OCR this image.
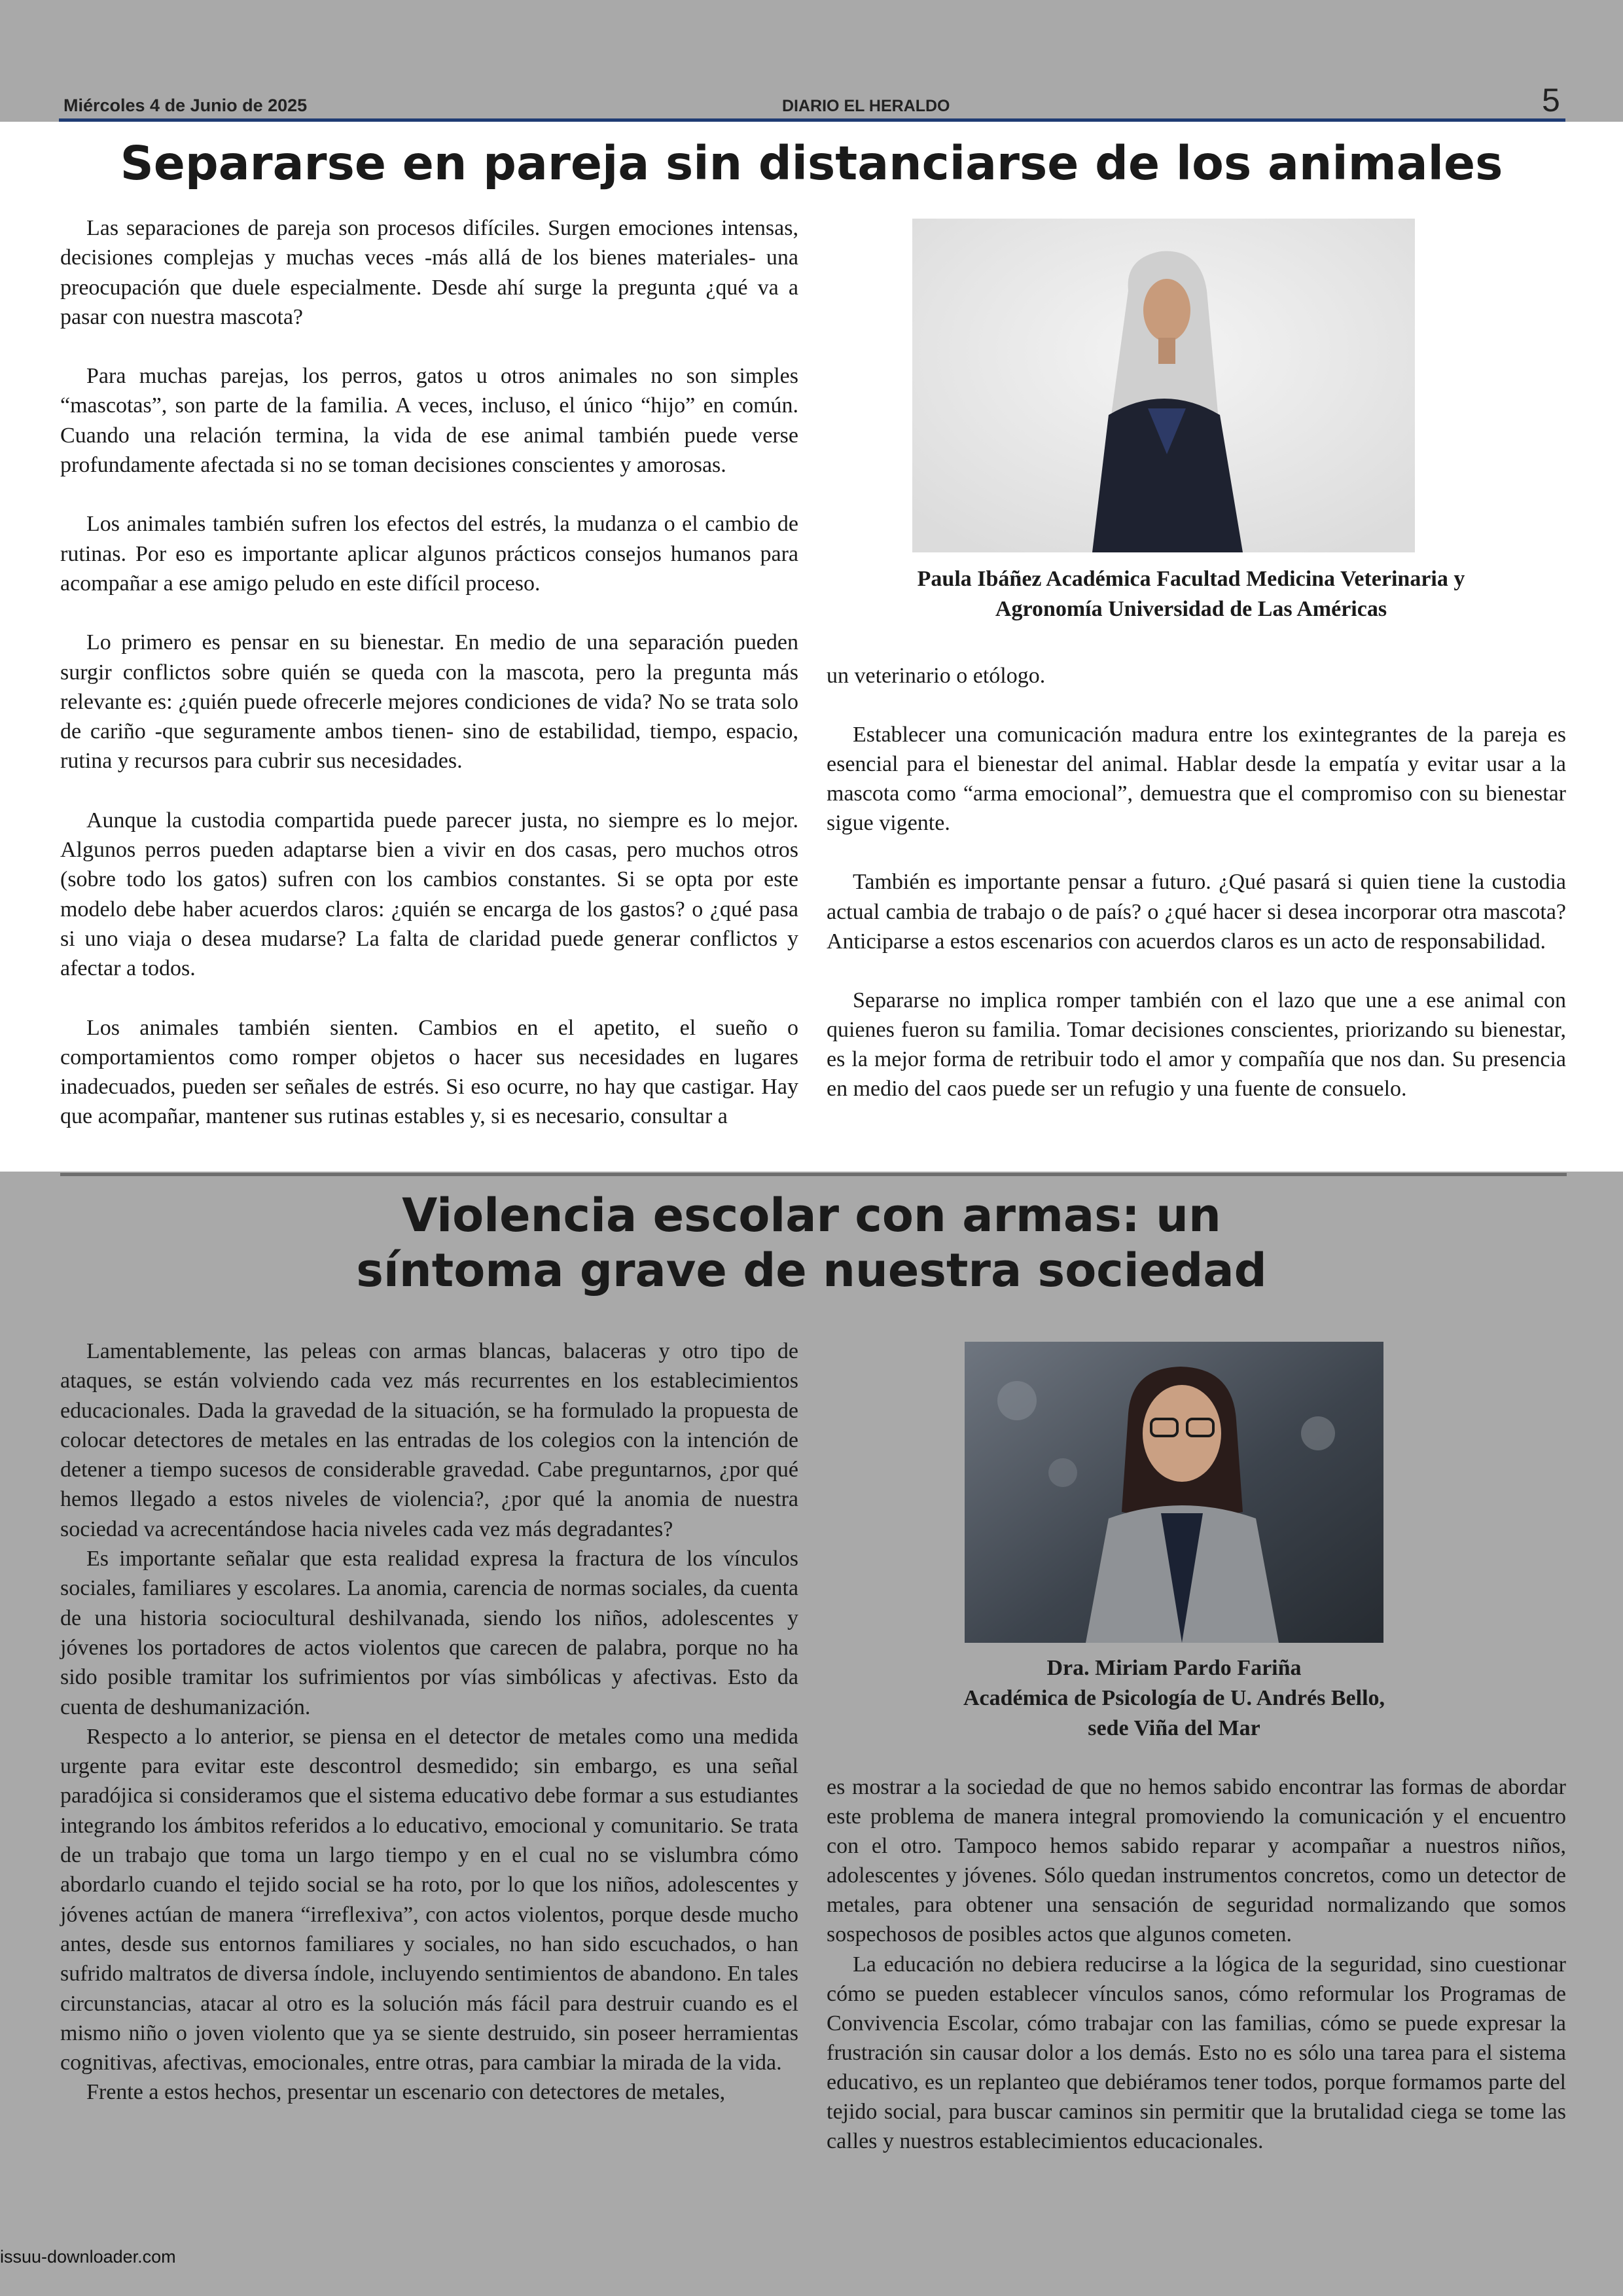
Miércoles 4 de Junio de 2025	DIARIO EL HERALDO	5
Separarse en pareja sin distanciarse de los animales

Las separaciones de pareja son procesos difíciles. Surgen emociones intensas, decisiones complejas y muchas veces -más allá de los bienes materiales- una preocupación que duele especialmente. Desde ahí surge la pregunta ¿qué va a pasar con nuestra mascota?

Para muchas parejas, los perros, gatos u otros animales no son simples “mascotas”, son parte de la familia. A veces, incluso, el único “hijo” en común. Cuando una relación termina, la vida de ese animal también puede verse profundamente afectada si no se toman decisiones conscientes y amorosas.

Los animales también sufren los efectos del estrés, la mudanza o el cambio de rutinas. Por eso es importante aplicar algunos prácticos consejos humanos para acompañar a ese amigo peludo en este difícil proceso.

Lo primero es pensar en su bienestar. En medio de una separación pueden surgir conflictos sobre quién se queda con la mascota, pero la pregunta más relevante es: ¿quién puede ofrecerle mejores condiciones de vida? No se trata solo de cariño -que seguramente ambos tienen- sino de estabilidad, tiempo, espacio, rutina y recursos para cubrir sus necesidades.

Aunque la custodia compartida puede parecer justa, no siempre es lo mejor. Algunos perros pueden adaptarse bien a vivir en dos casas, pero muchos otros (sobre todo los gatos) sufren con los cambios constantes. Si se opta por este modelo debe haber acuerdos claros: ¿quién se encarga de los gastos? o ¿qué pasa si uno viaja o desea mudarse? La falta de claridad puede generar conflictos y afectar a todos.

Los animales también sienten. Cambios en el apetito, el sueño o comportamientos como romper objetos o hacer sus necesidades en lugares inadecuados, pueden ser señales de estrés. Si eso ocurre, no hay que castigar. Hay que acompañar, mantener sus rutinas estables y, si es necesario, consultar a

Paula Ibáñez Académica Facultad Medicina Veterinaria y Agronomía Universidad de Las Américas

un veterinario o etólogo.

Establecer una comunicación madura entre los exintegrantes de la pareja es esencial para el bienestar del animal. Hablar desde la empatía y evitar usar a la mascota como “arma emocional”, demuestra que el compromiso con su bienestar sigue vigente.

También es importante pensar a futuro. ¿Qué pasará si quien tiene la custodia actual cambia de trabajo o de país? o ¿qué hacer si desea incorporar otra mascota? Anticiparse a estos escenarios con acuerdos claros es un acto de responsabilidad.

Separarse no implica romper también con el lazo que une a ese animal con quienes fueron su familia. Tomar decisiones conscientes, priorizando su bienestar, es la mejor forma de retribuir todo el amor y compañía que nos dan. Su presencia en medio del caos puede ser un refugio y una fuente de consuelo.

Violencia escolar con armas: un
síntoma grave de nuestra sociedad

Lamentablemente, las peleas con armas blancas, balaceras y otro tipo de ataques, se están volviendo cada vez más recurrentes en los establecimientos educacionales. Dada la gravedad de la situación, se ha formulado la propuesta de colocar detectores de metales en las entradas de los colegios con la intención de detener a tiempo sucesos de considerable gravedad. Cabe preguntarnos, ¿por qué hemos llegado a estos niveles de violencia?, ¿por qué la anomia de nuestra sociedad va acrecentándose hacia niveles cada vez más degradantes?

Es importante señalar que esta realidad expresa la fractura de los vínculos sociales, familiares y escolares. La anomia, carencia de normas sociales, da cuenta de una historia sociocultural deshilvanada, siendo los niños, adolescentes y jóvenes los portadores de actos violentos que carecen de palabra, porque no ha sido posible tramitar los sufrimientos por vías simbólicas y afectivas. Esto da cuenta de deshumanización.

Respecto a lo anterior, se piensa en el detector de metales como una medida urgente para evitar este descontrol desmedido; sin embargo, es una señal paradójica si consideramos que el sistema educativo debe formar a sus estudiantes integrando los ámbitos referidos a lo educativo, emocional y comunitario. Se trata de un trabajo que toma un largo tiempo y en el cual no se vislumbra cómo abordarlo cuando el tejido social se ha roto, por lo que los niños, adolescentes y jóvenes actúan de manera “irreflexiva”, con actos violentos, porque desde mucho antes, desde sus entornos familiares y sociales, no han sido escuchados, o han sufrido maltratos de diversa índole, incluyendo sentimientos de abandono. En tales circunstancias, atacar al otro es la solución más fácil para destruir cuando es el mismo niño o joven violento que ya se siente destruido, sin poseer herramientas cognitivas, afectivas, emocionales, entre otras, para cambiar la mirada de la vida.

Frente a estos hechos, presentar un escenario con detectores de metales,

Dra. Miriam Pardo Fariña
Académica de Psicología de U. Andrés Bello,
sede Viña del Mar

es mostrar a la sociedad de que no hemos sabido encontrar las formas de abordar este problema de manera integral promoviendo la comunicación y el encuentro con el otro. Tampoco hemos sabido reparar y acompañar a nuestros niños, adolescentes y jóvenes. Sólo quedan instrumentos concretos, como un detector de metales, para obtener una sensación de seguridad normalizando que somos sospechosos de posibles actos que algunos cometen.

La educación no debiera reducirse a la lógica de la seguridad, sino cuestionar cómo se pueden establecer vínculos sanos, cómo reformular los Programas de Convivencia Escolar, cómo trabajar con las familias, cómo se puede expresar la frustración sin causar dolor a los demás. Esto no es sólo una tarea para el sistema educativo, es un replanteo que debiéramos tener todos, porque formamos parte del tejido social, para buscar caminos sin permitir que la brutalidad ciega se tome las calles y nuestros establecimientos educacionales.

issuu-downloader.com
